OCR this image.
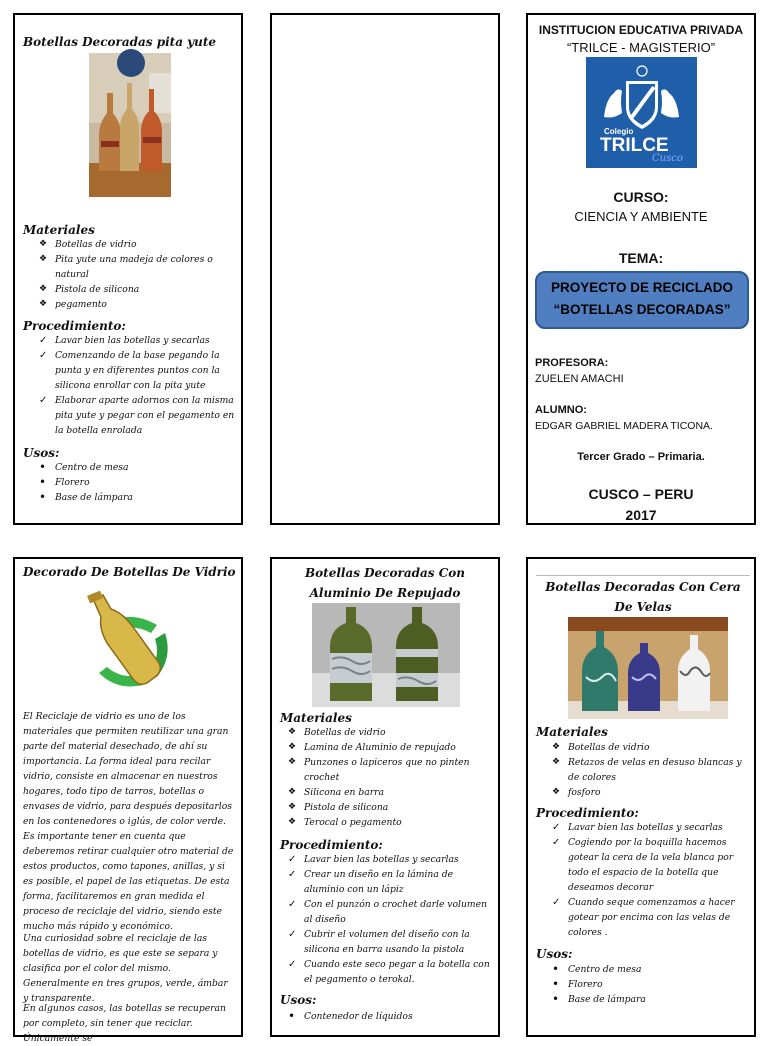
Botellas Decoradas pita yute
Materiales
❖ Botellas de vidrio
❖ Pita yute una madeja de colores o natural
❖ Pistola de silicona
❖ pegamento
Procedimiento:
✓ Lavar bien las botellas y secarlas
✓ Comenzando de la base pegando la punta y en diferentes puntos con la silicona enrollar con la pita yute
✓ Elaborar aparte adornos con la misma pita yute y pegar con el pegamento en la botella enrolada
Usos:
• Centro de mesa
• Florero
• Base de lámpara
INSTITUCION EDUCATIVA PRIVADA
“TRILCE - MAGISTERIO”
Colegio
TRILCE
Cusco
CURSO:
CIENCIA Y AMBIENTE
TEMA:
PROYECTO DE RECICLADO
“BOTELLAS DECORADAS”
PROFESORA:
ZUELEN AMACHI
ALUMNO:
EDGAR GABRIEL MADERA TICONA.
Tercer Grado – Primaria.
CUSCO – PERU
2017
Decorado De Botellas De Vidrio
El Reciclaje de vidrio es uno de los materiales que permiten reutilizar una gran parte del material desechado, de ahí su importancia. La forma ideal para recilar vidrio, consiste en almacenar en nuestros hogares, todo tipo de tarros, botellas o envases de vidrio, para después depositarlos en los contenedores o iglús, de color verde. Es importante tener en cuenta que deberemos retirar cualquier otro material de estos productos, como tapones, anillas, y si es posible, el papel de las etiquetas. De esta forma, facilitaremos en gran medida el proceso de reciclaje del vidrio, siendo este mucho más rápido y económico.
Una curiosidad sobre el reciclaje de las botellas de vidrio, es que este se separa y clasifica por el color del mismo. Generalmente en tres grupos, verde, ámbar y transparente.
En algunos casos, las botellas se recuperan por completo, sin tener que reciclar. Únicamente se
Botellas Decoradas Con Aluminio De Repujado
Materiales
❖ Botellas de vidrio
❖ Lamina de Aluminio de repujado
❖ Punzones o lapiceros que no pinten crochet
❖ Silicona en barra
❖ Pistola de silicona
❖ Terocal o pegamento
Procedimiento:
✓ Lavar bien las botellas y secarlas
✓ Crear un diseño en la lámina de aluminio con un lápiz
✓ Con el punzón o crochet darle volumen al diseño
✓ Cubrir el volumen del diseño con la silicona en barra usando la pistola
✓ Cuando este seco pegar a la botella con el pegamento o terokal.
Usos:
• Contenedor de líquidos
Botellas Decoradas Con Cera De Velas
Materiales
❖ Botellas de vidrio
❖ Retazos de velas en desuso blancas y de colores
❖ fosforo
Procedimiento:
✓ Lavar bien las botellas y secarlas
✓ Cogiendo por la boquilla hacemos gotear la cera de la vela blanca por todo el espacio de la botella que deseamos decorar
✓ Cuando seque comenzamos a hacer gotear por encima con las velas de colores .
Usos:
• Centro de mesa
• Florero
• Base de lámpara
